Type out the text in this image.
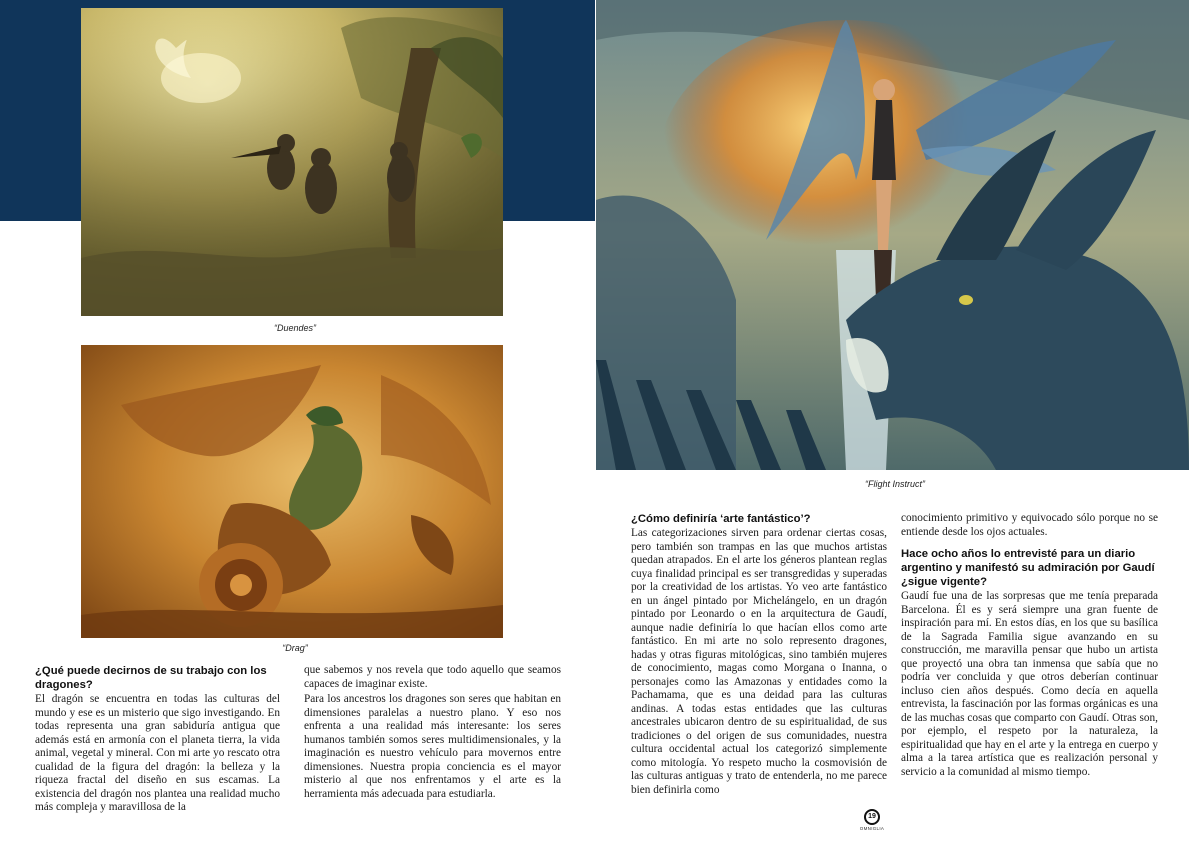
“Duendes”
“Drag”
“Flight Instruct”
¿Qué puede decirnos de su trabajo con los dragones?

El dragón se encuentra en todas las culturas del mundo y ese es un misterio que sigo investigando. En todas representa una gran sabiduría antigua que además está en armonía con el planeta tierra, la vida animal, vegetal y mineral. Con mi arte yo rescato otra cualidad de la figura del dragón: la belleza y la riqueza fractal del diseño en sus escamas. La existencia del dragón nos plantea una realidad mucho más compleja y maravillosa de la

que sabemos y nos revela que todo aquello que seamos capaces de imaginar existe.

Para los ancestros los dragones son seres que habitan en dimensiones paralelas a nuestro plano. Y eso nos enfrenta a una realidad más interesante: los seres humanos también somos seres multidimensionales, y la imaginación es nuestro vehículo para movernos entre dimensiones. Nuestra propia conciencia es el mayor misterio al que nos enfrentamos y el arte es la herramienta más adecuada para estudiarla.

¿Cómo definiría ‘arte fantástico’?

Las categorizaciones sirven para ordenar ciertas cosas, pero también son trampas en las que muchos artistas quedan atrapados. En el arte los géneros plantean reglas cuya finalidad principal es ser transgredidas y superadas por la creatividad de los artistas. Yo veo arte fantástico en un ángel pintado por Michelángelo, en un dragón pintado por Leonardo o en la arquitectura de Gaudí, aunque nadie definiría lo que hacían ellos como arte fantástico. En mi arte no solo represento dragones, hadas y otras figuras mitológicas, sino también mujeres de conocimiento, magas como Morgana o Inanna, o personajes como las Amazonas y entidades como la Pachamama, que es una deidad para las culturas andinas. A todas estas entidades que las culturas ancestrales ubicaron dentro de su espiritualidad, de sus tradiciones o del origen de sus comunidades, nuestra cultura occidental actual los categorizó simplemente como mitología. Yo respeto mucho la cosmovisión de las culturas antiguas y trato de entenderla, no me parece bien definirla como

conocimiento primitivo y equivocado sólo porque no se entiende desde los ojos actuales.

Hace ocho años lo entrevisté para un diario argentino y manifestó su admiración por Gaudí ¿sigue vigente?

Gaudí fue una de las sorpresas que me tenía preparada Barcelona. Él es y será siempre una gran fuente de inspiración para mí. En estos días, en los que su basílica de la Sagrada Familia sigue avanzando en su construcción, me maravilla pensar que hubo un artista que proyectó una obra tan inmensa que sabía que no podría ver concluida y que otros deberían continuar incluso cien años después. Como decía en aquella entrevista, la fascinación por las formas orgánicas es una de las muchas cosas que comparto con Gaudí. Otras son, por ejemplo, el respeto por la naturaleza, la espiritualidad que hay en el arte y la entrega en cuerpo y alma a la tarea artística que es realización personal y servicio a la comunidad al mismo tiempo.

19
OMNIGLIA
